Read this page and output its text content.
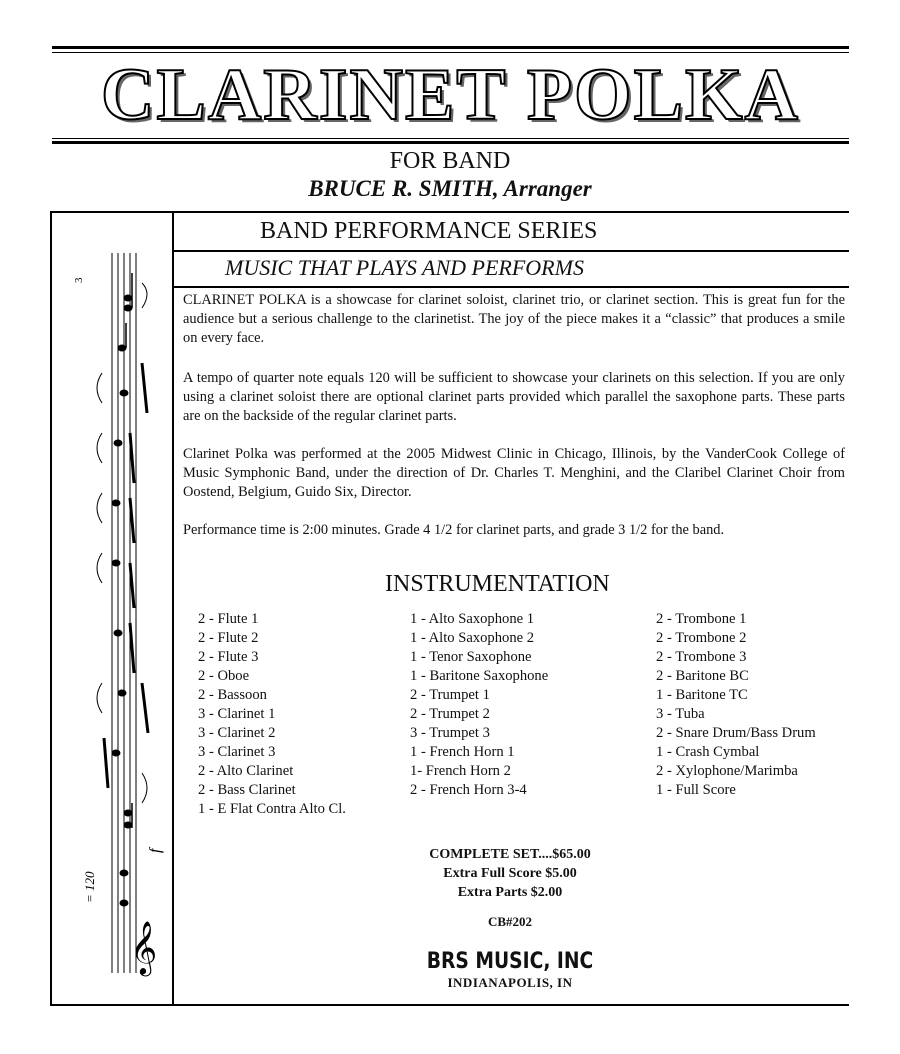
CLARINET POLKA
FOR BAND
BRUCE R. SMITH, Arranger
BAND PERFORMANCE SERIES
MUSIC THAT PLAYS AND PERFORMS
𝄞
= 120
3
f
CLARINET POLKA is a showcase for clarinet soloist, clarinet trio, or clarinet section. This is great fun for the audience but a serious challenge to the clarinetist. The joy of the piece makes it a “classic” that produces a smile on every face.
A tempo of quarter note equals 120 will be sufficient to showcase your clarinets on this selection. If you are only using a clarinet soloist there are optional clarinet parts provided which parallel the saxophone parts. These parts are on the backside of the regular clarinet parts.
Clarinet Polka was performed at the 2005 Midwest Clinic in Chicago, Illinois, by the VanderCook College of Music Symphonic Band, under the direction of Dr. Charles T. Menghini, and the Claribel Clarinet Choir from Oostend, Belgium, Guido Six, Director.
Performance time is 2:00 minutes. Grade 4 1/2 for clarinet parts, and grade 3 1/2 for the band.
INSTRUMENTATION
2 - Flute 1
2 - Flute 2
2 - Flute 3
2 - Oboe
2 - Bassoon
3 - Clarinet 1
3 - Clarinet 2
3 - Clarinet 3
2 - Alto Clarinet
2 - Bass Clarinet
1 - E Flat Contra Alto Cl.
1 - Alto Saxophone 1
1 - Alto Saxophone 2
1 - Tenor Saxophone
1 - Baritone Saxophone
2 - Trumpet 1
2 - Trumpet 2
3 - Trumpet 3
1 - French Horn 1
1- French Horn 2
2 - French Horn 3-4
2 - Trombone 1
2 - Trombone 2
2 - Trombone 3
2 - Baritone BC
1 - Baritone TC
3 - Tuba
2 - Snare Drum/Bass Drum
1 - Crash Cymbal
2 - Xylophone/Marimba
1 - Full Score
COMPLETE SET....$65.00
Extra Full Score $5.00
Extra Parts $2.00
CB#202
BRS MUSIC, INC
INDIANAPOLIS, IN
